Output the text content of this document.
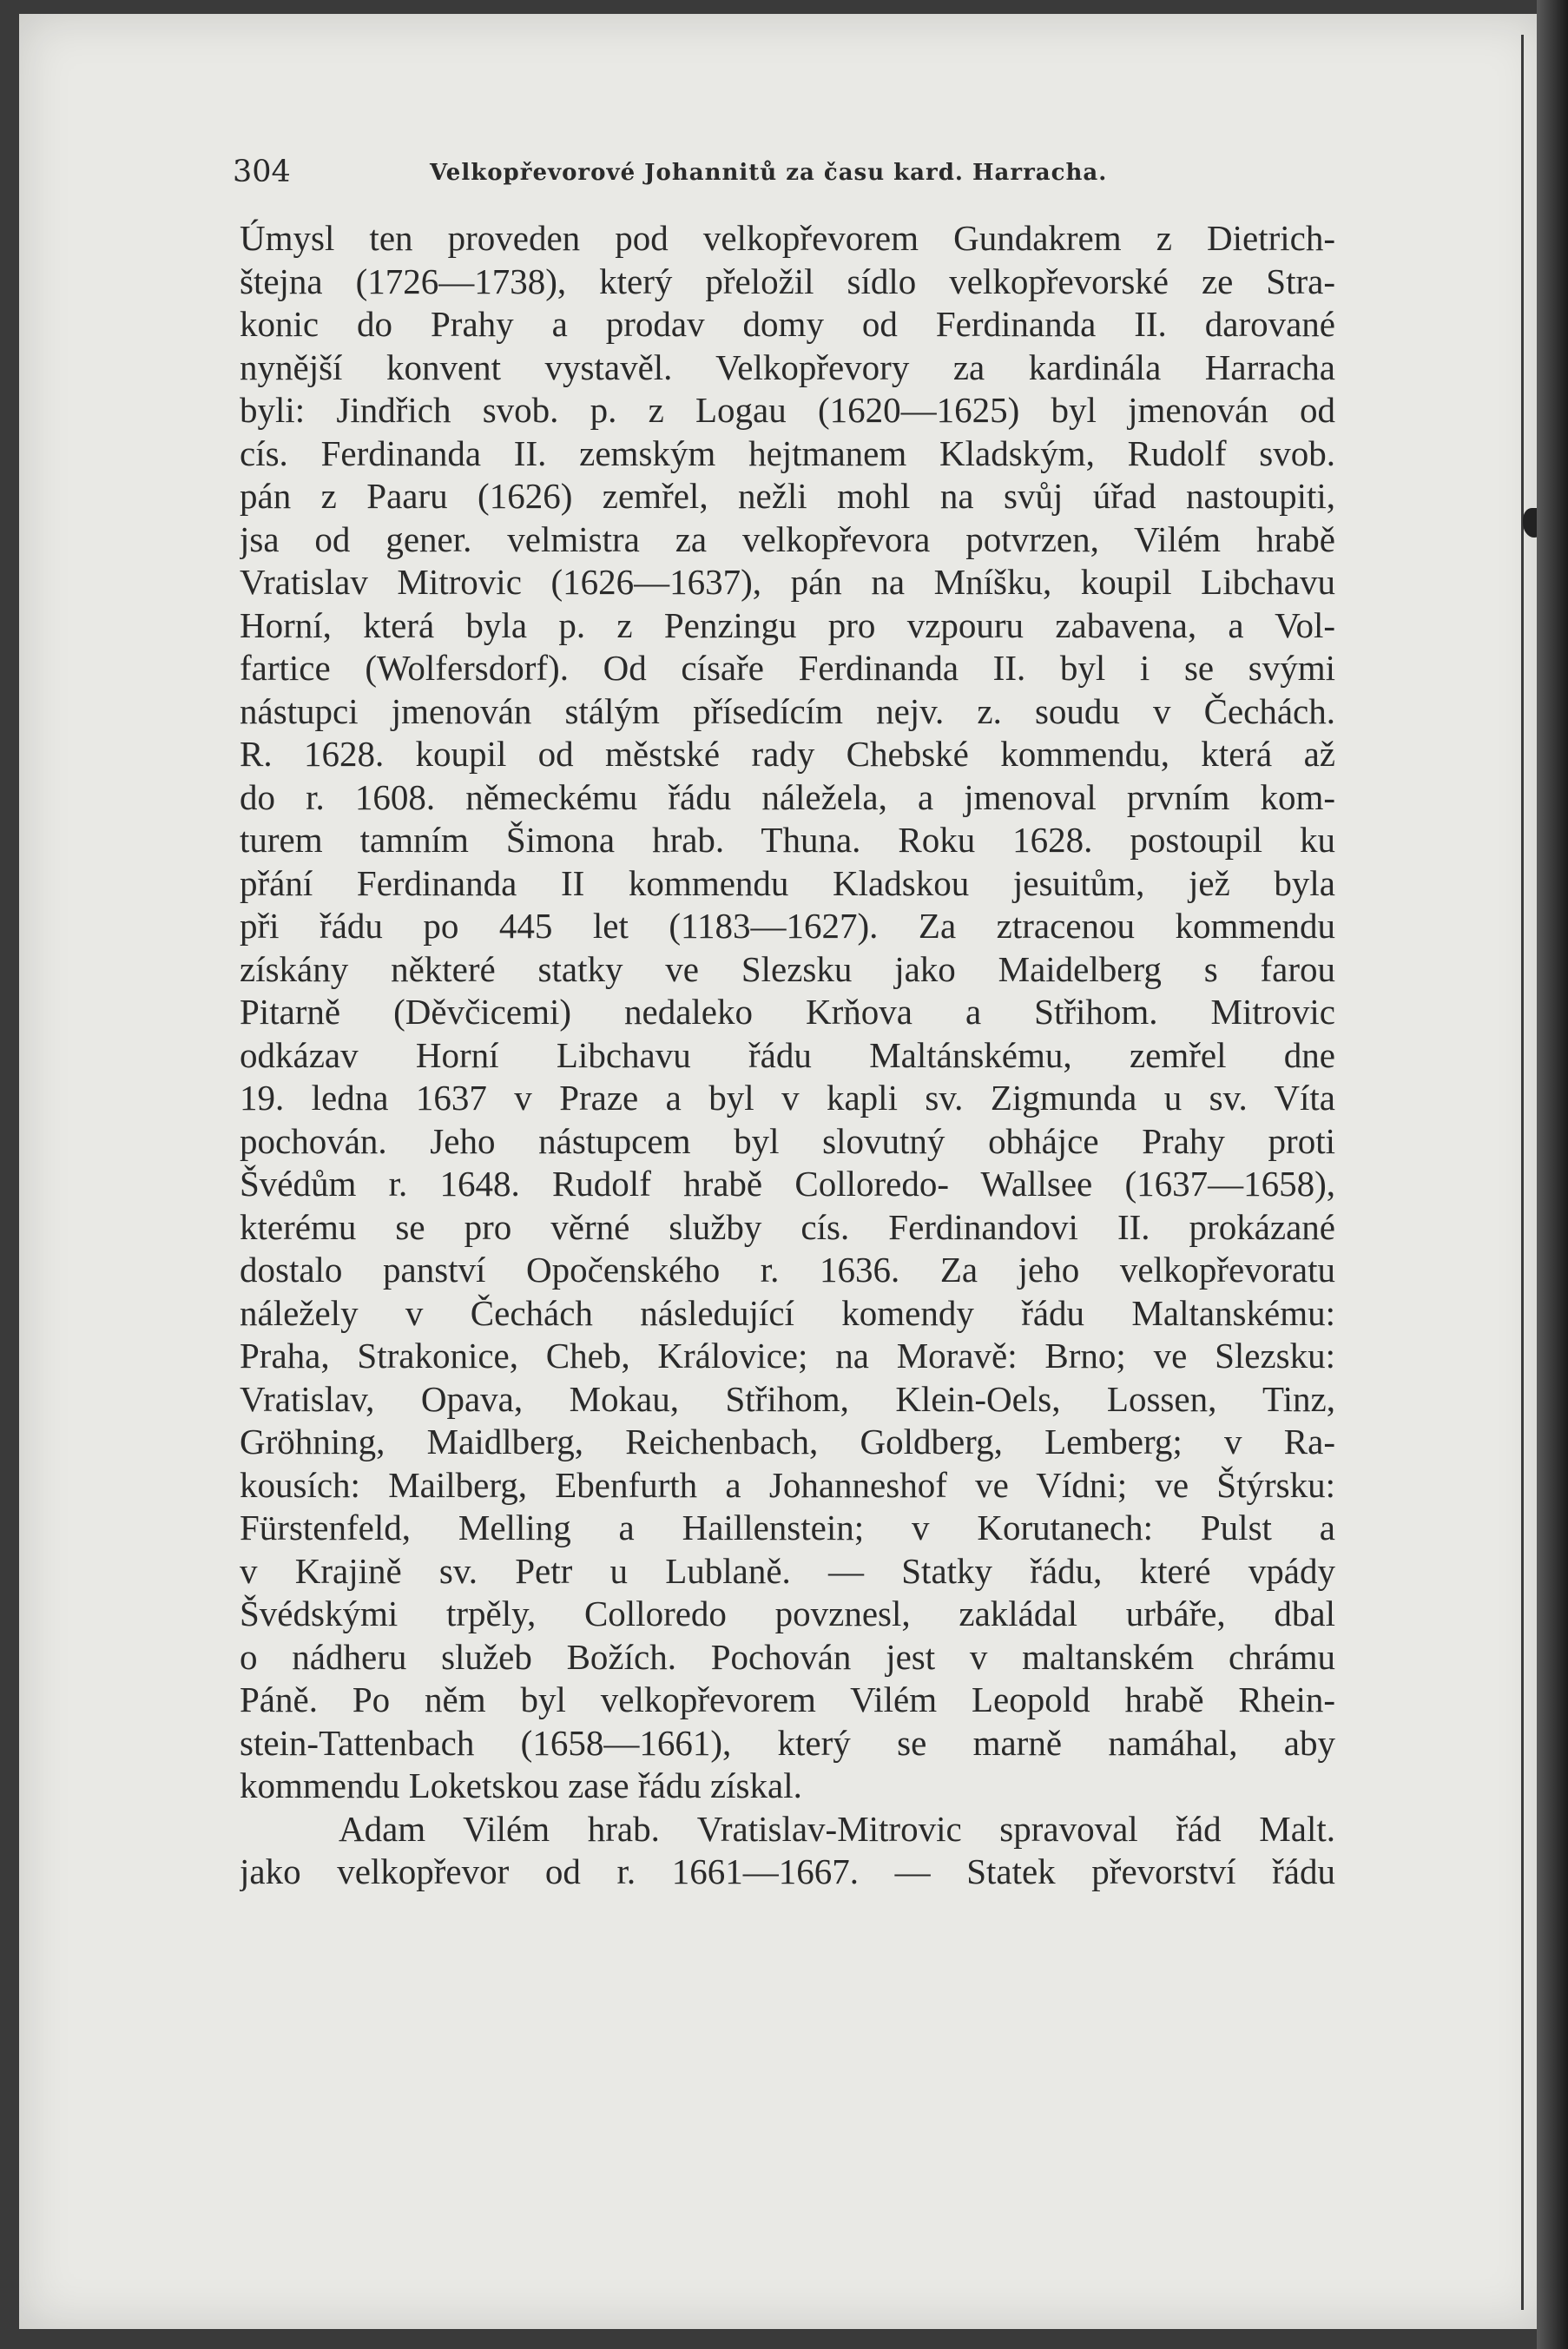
304	Velkopřevorové Johannitů za času kard. Harracha.
Úmysl ten proveden pod velkopřevorem Gundakrem z Dietrich-
štejna (1726—1738), který přeložil sídlo velkopřevorské ze Stra-
konic do Prahy a prodav domy od Ferdinanda II. darované
nynější konvent vystavěl. Velkopřevory za kardinála Harracha
byli: Jindřich svob. p. z Logau (1620—1625) byl jmenován od
cís. Ferdinanda II. zemským hejtmanem Kladským, Rudolf svob.
pán z Paaru (1626) zemřel, nežli mohl na svůj úřad nastoupiti,
jsa od gener. velmistra za velkopřevora potvrzen, Vilém hrabě
Vratislav Mitrovic (1626—1637), pán na Mníšku, koupil Libchavu
Horní, která byla p. z Penzingu pro vzpouru zabavena, a Vol-
fartice (Wolfersdorf). Od císaře Ferdinanda II. byl i se svými
nástupci jmenován stálým přísedícím nejv. z. soudu v Čechách.
R. 1628. koupil od městské rady Chebské kommendu, která až
do r. 1608. německému řádu náležela, a jmenoval prvním kom-
turem tamním Šimona hrab. Thuna. Roku 1628. postoupil ku
přání Ferdinanda II kommendu Kladskou jesuitům, jež byla
při řádu po 445 let (1183—1627). Za ztracenou kommendu
získány některé statky ve Slezsku jako Maidelberg s farou
Pitarně (Děvčicemi) nedaleko Krňova a Střihom. Mitrovic
odkázav Horní Libchavu řádu Maltánskému, zemřel dne
19. ledna 1637 v Praze a byl v kapli sv. Zigmunda u sv. Víta
pochován. Jeho nástupcem byl slovutný obhájce Prahy proti
Švédům r. 1648. Rudolf hrabě Colloredo- Wallsee (1637—1658),
kterému se pro věrné služby cís. Ferdinandovi II. prokázané
dostalo panství Opočenského r. 1636. Za jeho velkopřevoratu
náležely v Čechách následující komendy řádu Maltanskému:
Praha, Strakonice, Cheb, Královice; na Moravě: Brno; ve Slezsku:
Vratislav, Opava, Mokau, Střihom, Klein-Oels, Lossen, Tinz,
Gröhning, Maidlberg, Reichenbach, Goldberg, Lemberg; v Ra-
kousích: Mailberg, Ebenfurth a Johanneshof ve Vídni; ve Štýrsku:
Fürstenfeld, Melling a Haillenstein; v Korutanech: Pulst a
v Krajině sv. Petr u Lublaně. — Statky řádu, které vpády
Švédskými trpěly, Colloredo povznesl, zakládal urbáře, dbal
o nádheru služeb Božích. Pochován jest v maltanském chrámu
Páně. Po něm byl velkopřevorem Vilém Leopold hrabě Rhein-
stein-Tattenbach (1658—1661), který se marně namáhal, aby
kommendu Loketskou zase řádu získal.
Adam Vilém hrab. Vratislav-Mitrovic spravoval řád Malt.
jako velkopřevor od r. 1661—1667. — Statek převorství řádu
